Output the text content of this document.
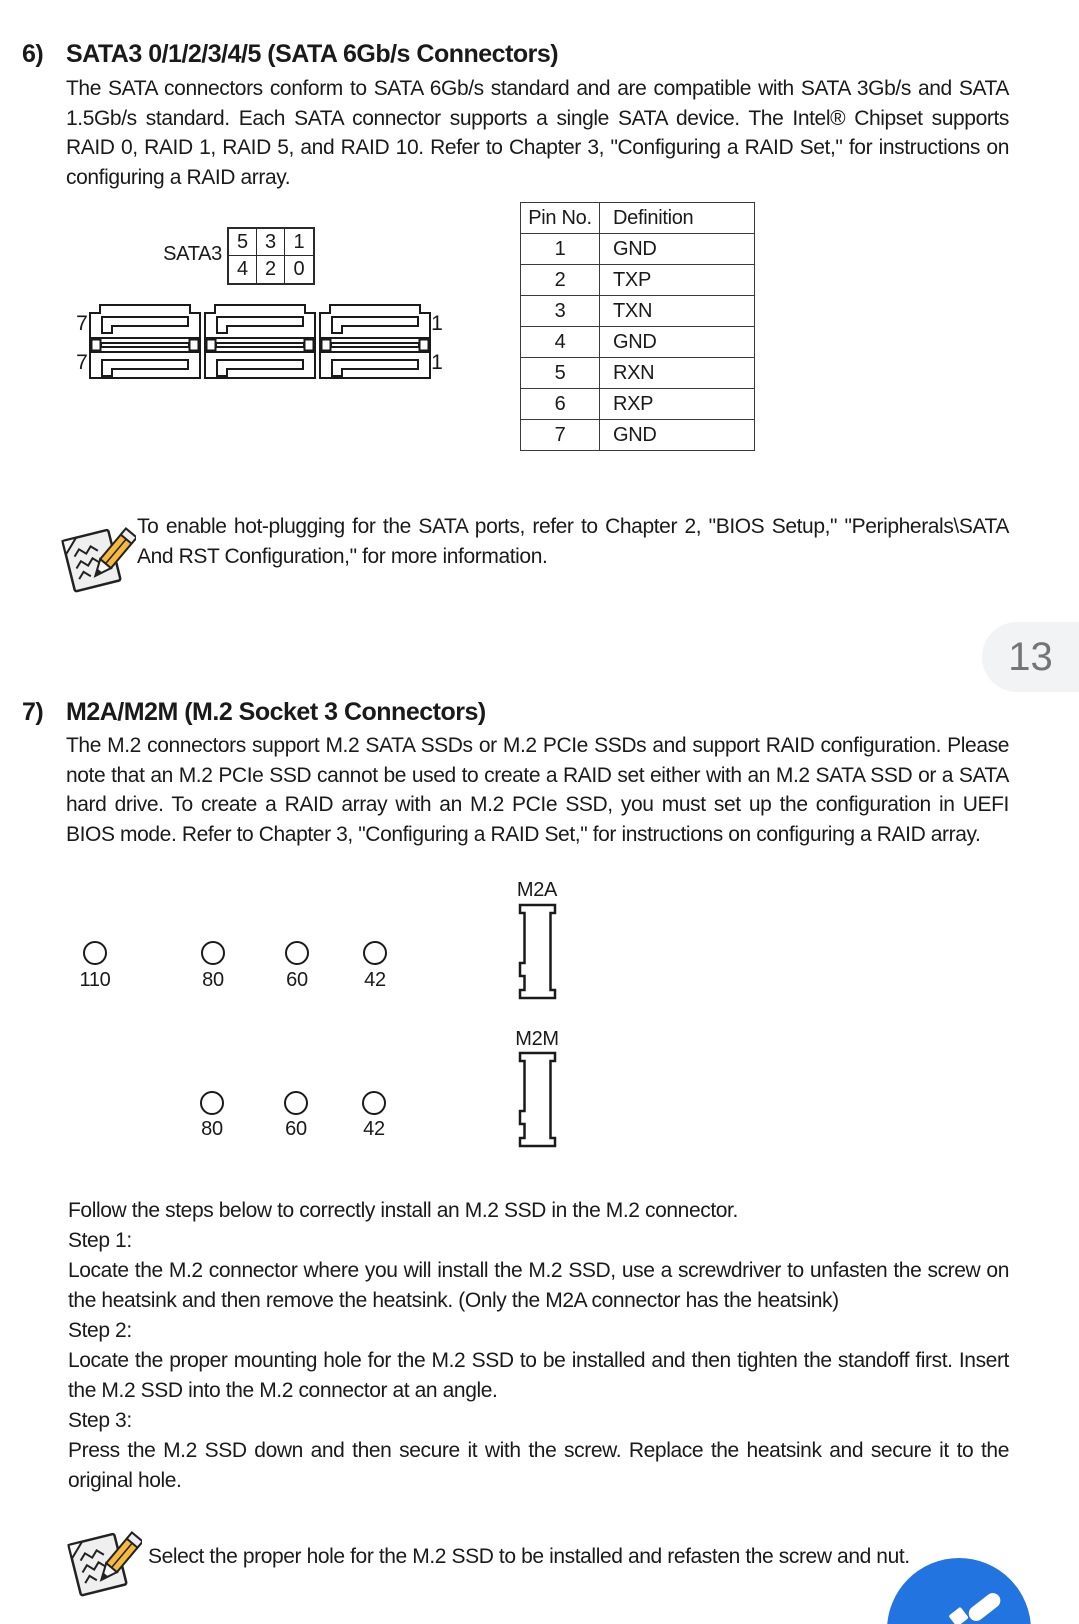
6) SATA3 0/1/2/3/4/5 (SATA 6Gb/s Connectors)
The SATA connectors conform to SATA 6Gb/s standard and are compatible with SATA 3Gb/s and SATA 1.5Gb/s standard. Each SATA connector supports a single SATA device. The Intel® Chipset supports RAID 0, RAID 1, RAID 5, and RAID 10. Refer to Chapter 3, "Configuring a RAID Set," for instructions on configuring a RAID array.
SATA3
5 3 1
4 2 0
7
7
1
1
Pin No.	Definition
1	GND
2	TXP
3	TXN
4	GND
5	RXN
6	RXP
7	GND
To enable hot-plugging for the SATA ports, refer to Chapter 2, "BIOS Setup," "Peripherals\SATA And RST Configuration," for more information.
13
7) M2A/M2M (M.2 Socket 3 Connectors)
The M.2 connectors support M.2 SATA SSDs or M.2 PCIe SSDs and support RAID configuration. Please note that an M.2 PCIe SSD cannot be used to create a RAID set either with an M.2 SATA SSD or a SATA hard drive. To create a RAID array with an M.2 PCIe SSD, you must set up the configuration in UEFI BIOS mode. Refer to Chapter 3, "Configuring a RAID Set," for instructions on configuring a RAID array.
M2A
M2M
110	80	60	42
80	60	42
Follow the steps below to correctly install an M.2 SSD in the M.2 connector.
Step 1:
Locate the M.2 connector where you will install the M.2 SSD, use a screwdriver to unfasten the screw on the heatsink and then remove the heatsink. (Only the M2A connector has the heatsink)
Step 2:
Locate the proper mounting hole for the M.2 SSD to be installed and then tighten the standoff first. Insert the M.2 SSD into the M.2 connector at an angle.
Step 3:
Press the M.2 SSD down and then secure it with the screw. Replace the heatsink and secure it to the original hole.
Select the proper hole for the M.2 SSD to be installed and refasten the screw and nut.
